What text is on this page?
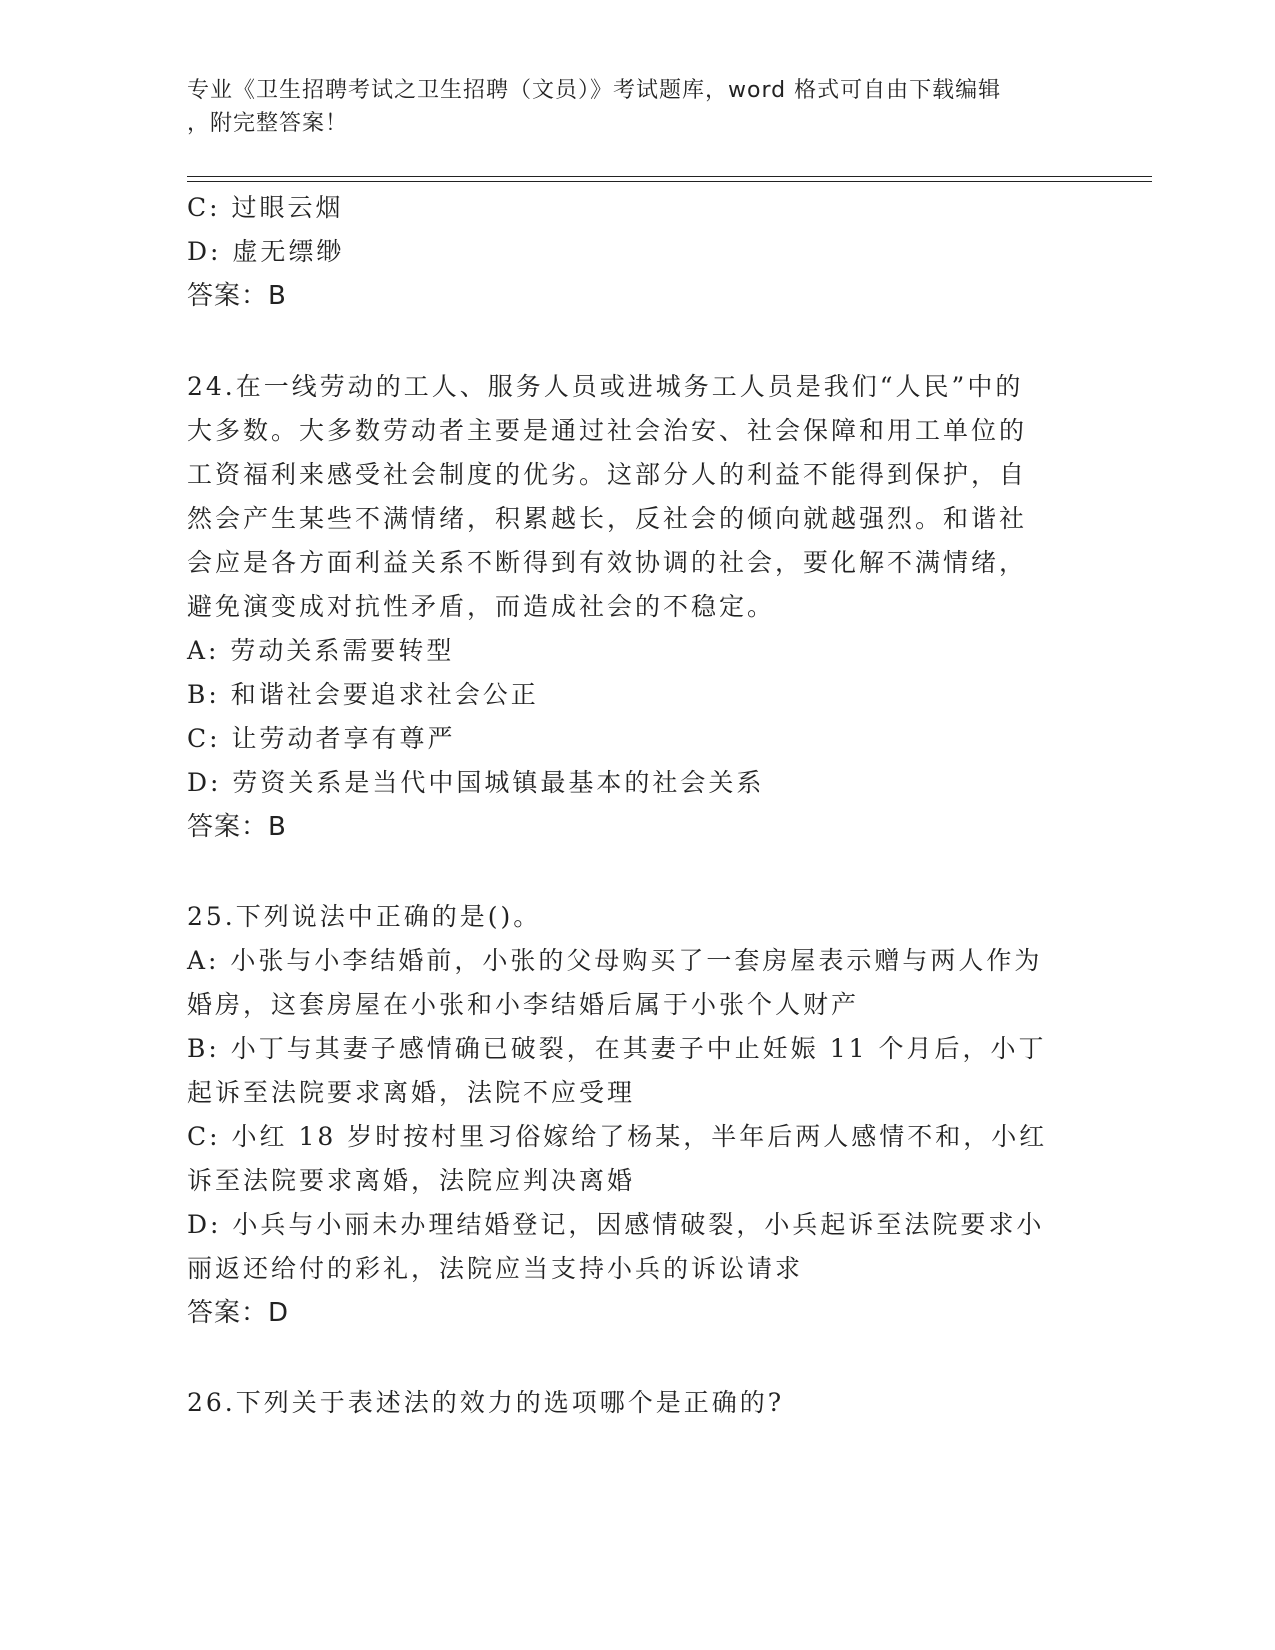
专业《卫生招聘考试之卫生招聘（文员）》考试题库，word 格式可自由下载编辑
，附完整答案！
C: 过眼云烟
D: 虚无缥缈
答案：B
24.在一线劳动的工人、服务人员或进城务工人员是我们“人民”中的
大多数。大多数劳动者主要是通过社会治安、社会保障和用工单位的
工资福利来感受社会制度的优劣。这部分人的利益不能得到保护，自
然会产生某些不满情绪，积累越长，反社会的倾向就越强烈。和谐社
会应是各方面利益关系不断得到有效协调的社会，要化解不满情绪，
避免演变成对抗性矛盾，而造成社会的不稳定。
A: 劳动关系需要转型
B: 和谐社会要追求社会公正
C: 让劳动者享有尊严
D: 劳资关系是当代中国城镇最基本的社会关系
答案：B
25.下列说法中正确的是()。
A: 小张与小李结婚前，小张的父母购买了一套房屋表示赠与两人作为
婚房，这套房屋在小张和小李结婚后属于小张个人财产
B: 小丁与其妻子感情确已破裂，在其妻子中止妊娠 11 个月后，小丁
起诉至法院要求离婚，法院不应受理
C: 小红 18 岁时按村里习俗嫁给了杨某，半年后两人感情不和，小红
诉至法院要求离婚，法院应判决离婚
D: 小兵与小丽未办理结婚登记，因感情破裂，小兵起诉至法院要求小
丽返还给付的彩礼，法院应当支持小兵的诉讼请求
答案：D
26.下列关于表述法的效力的选项哪个是正确的?
